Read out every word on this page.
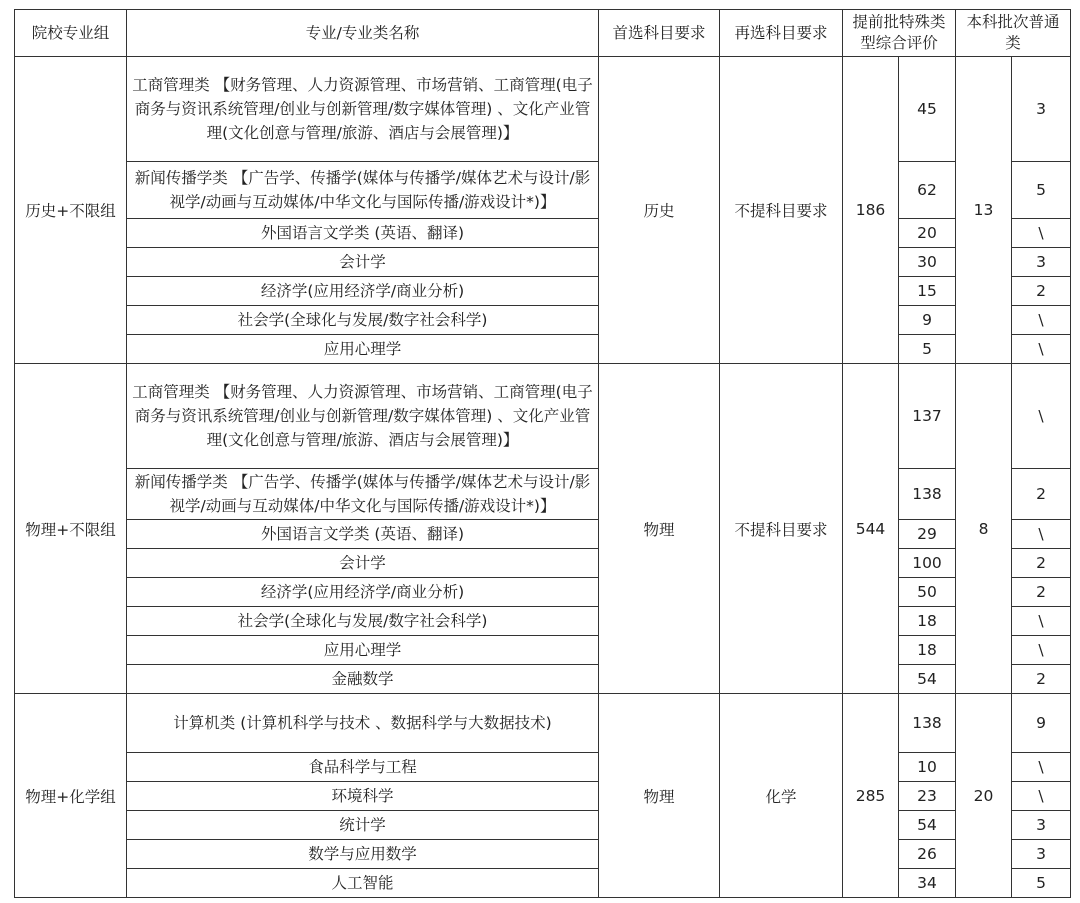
院校专业组	专业/专业类名称	首选科目要求	再选科目要求	提前批特殊类型综合评价		本科批次普通类	
历史+不限组	工商管理类 【财务管理、人力资源管理、市场营销、工商管理(电子商务与资讯系统管理/创业与创新管理/数字媒体管理) 、文化产业管理(文化创意与管理/旅游、酒店与会展管理)】	历史	不提科目要求	186	45	13	3
	新闻传播学类 【广告学、传播学(媒体与传播学/媒体艺术与设计/影视学/动画与互动媒体/中华文化与国际传播/游戏设计*)】				62		5
	外国语言文学类 (英语、翻译)				20		\
	会计学				30		3
	经济学(应用经济学/商业分析)				15		2
	社会学(全球化与发展/数字社会科学)				9		\
	应用心理学				5		\
物理+不限组	工商管理类 【财务管理、人力资源管理、市场营销、工商管理(电子商务与资讯系统管理/创业与创新管理/数字媒体管理) 、文化产业管理(文化创意与管理/旅游、酒店与会展管理)】	物理	不提科目要求	544	137	8	\
	新闻传播学类 【广告学、传播学(媒体与传播学/媒体艺术与设计/影视学/动画与互动媒体/中华文化与国际传播/游戏设计*)】				138		2
	外国语言文学类 (英语、翻译)				29		\
	会计学				100		2
	经济学(应用经济学/商业分析)				50		2
	社会学(全球化与发展/数字社会科学)				18		\
	应用心理学				18		\
	金融数学				54		2
物理+化学组	计算机类 (计算机科学与技术 、数据科学与大数据技术)	物理	化学	285	138	20	9
	食品科学与工程				10		\
	环境科学				23		\
	统计学				54		3
	数学与应用数学				26		3
	人工智能				34		5
